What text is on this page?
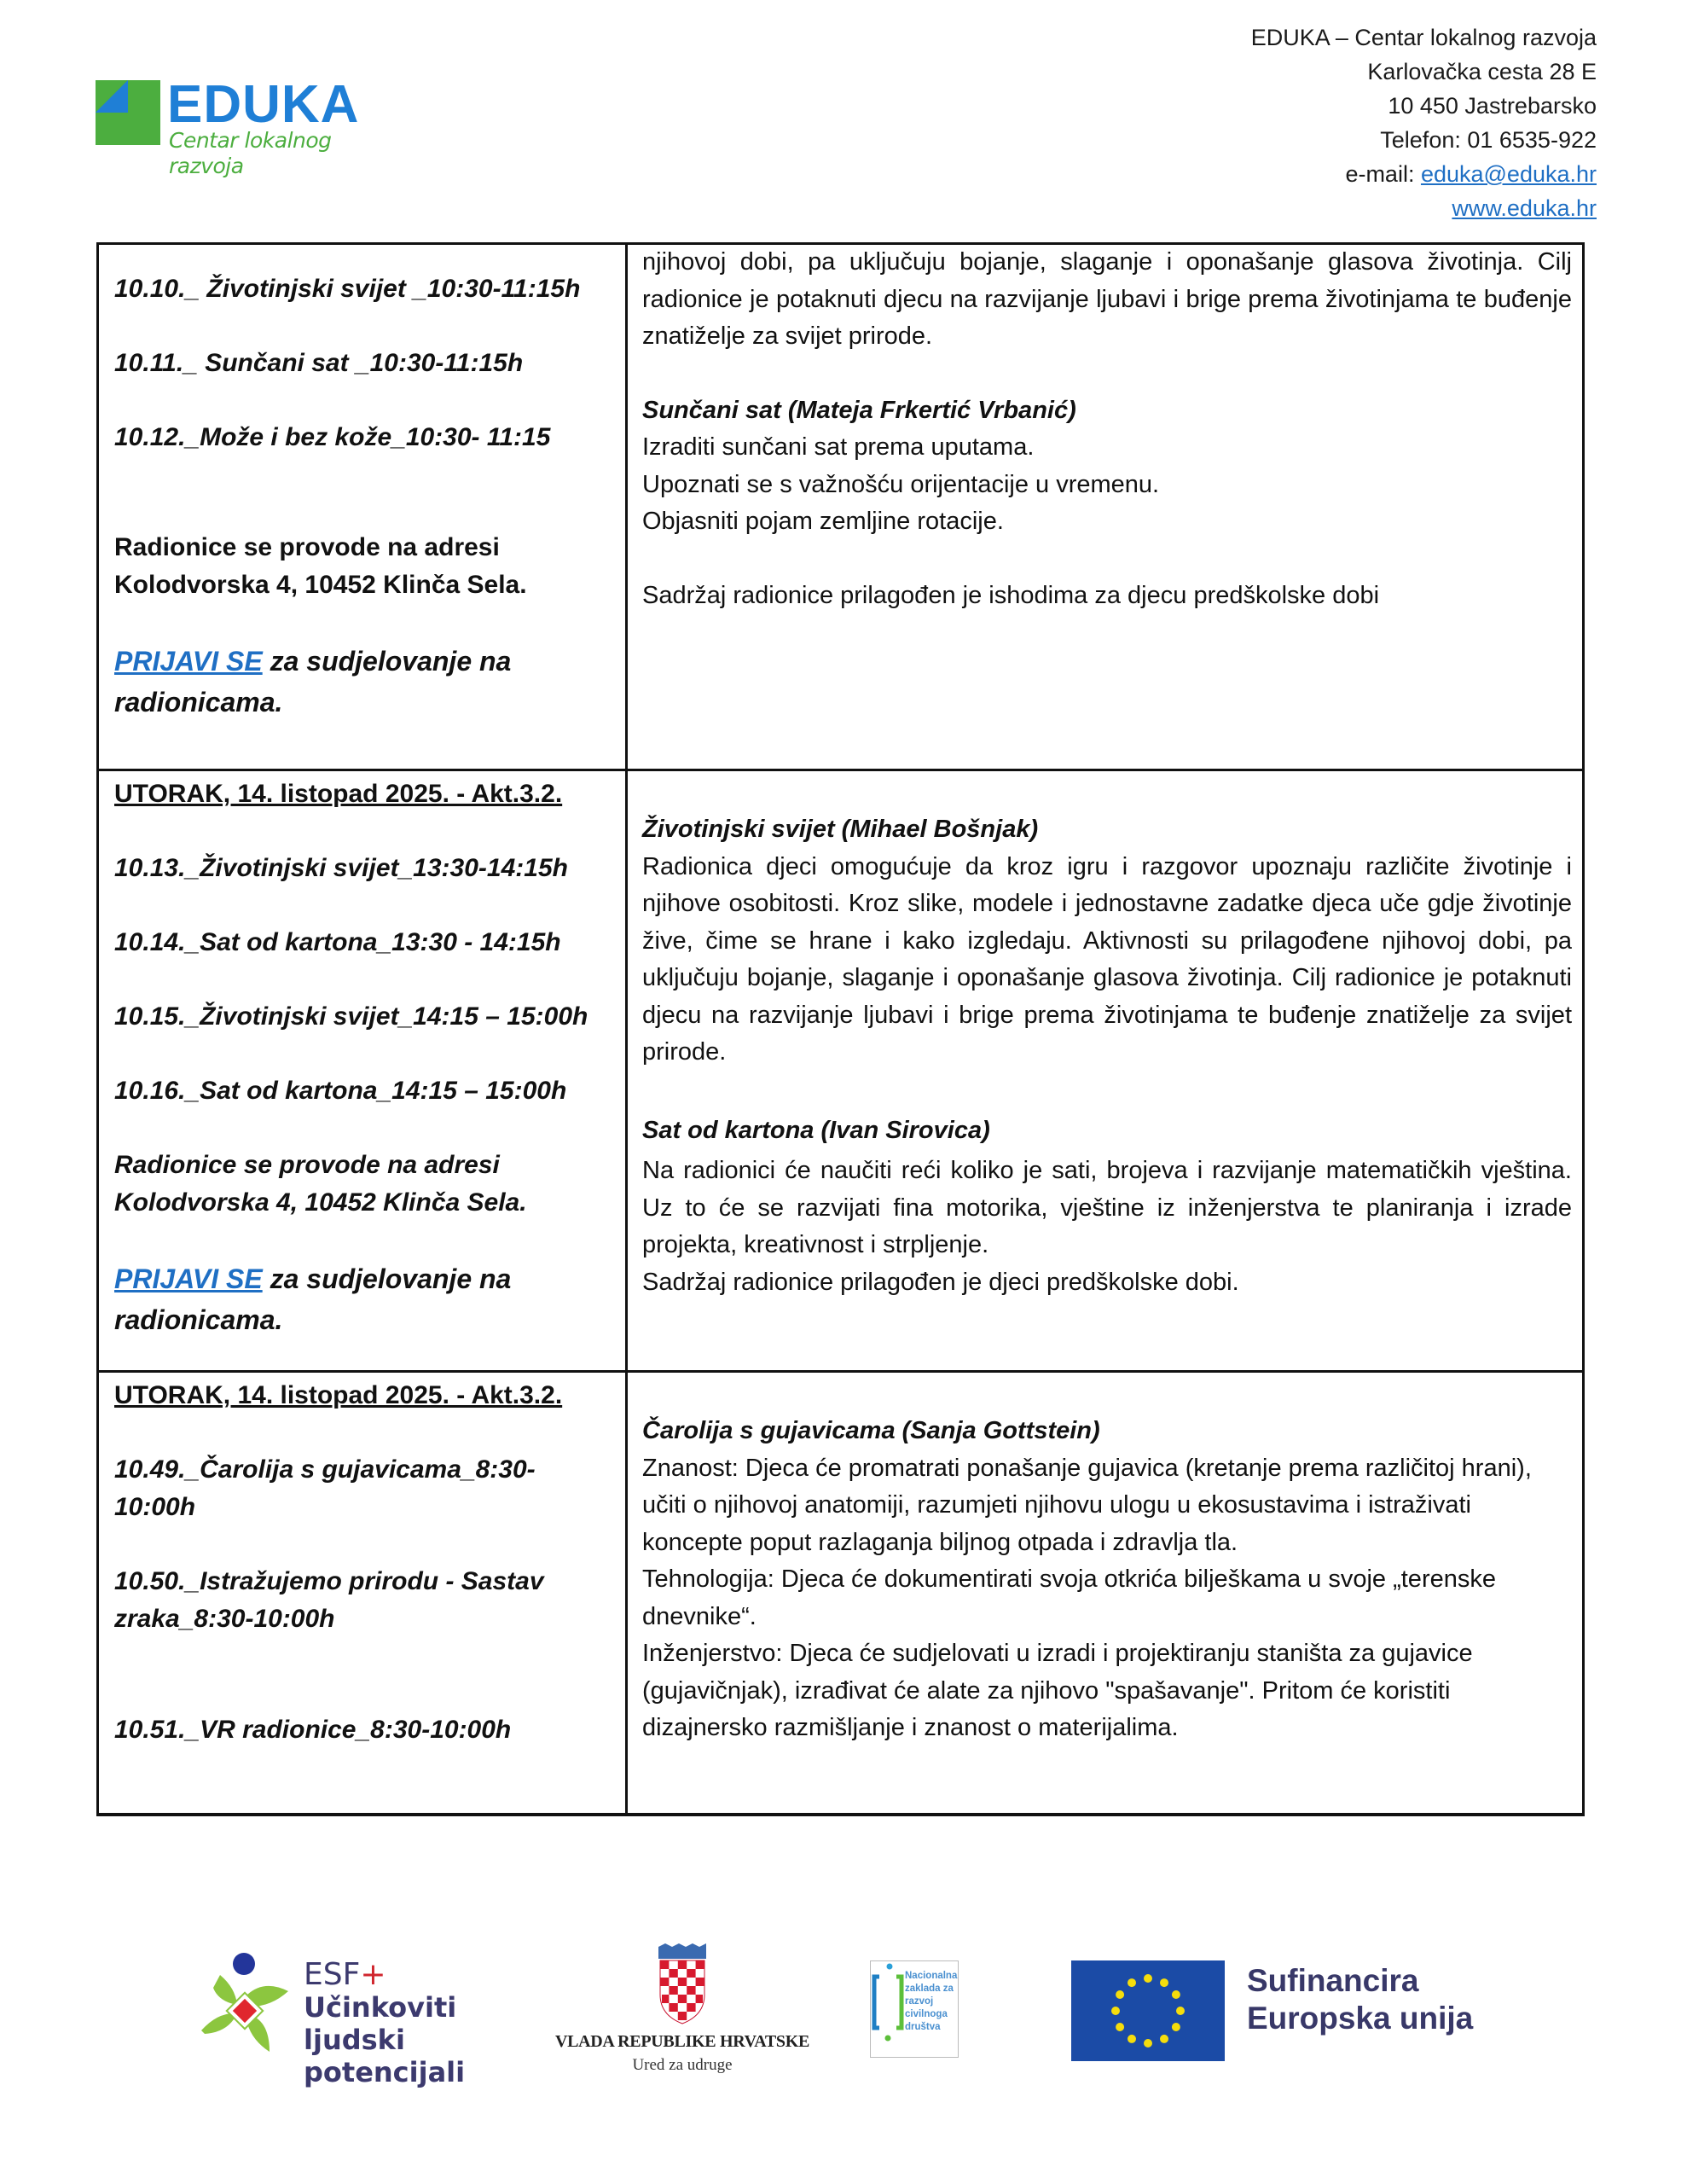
EDUKA
Centar lokalnog razvoja
EDUKA – Centar lokalnog razvoja
Karlovačka cesta 28 E
10 450 Jastrebarsko
Telefon: 01 6535-922
e-mail: eduka@eduka.hr
www.eduka.hr

10.10._ Životinjski svijet _10:30-11:15h

10.11._ Sunčani sat _10:30-11:15h

10.12._Može i bez kože_10:30- 11:15

Radionice se provode na adresi

Kolodvorska 4, 10452 Klinča Sela.

PRIJAVI SE za sudjelovanje na radionicama.

njihovoj dobi, pa uključuju bojanje, slaganje i oponašanje glasova životinja. Cilj radionice je potaknuti djecu na razvijanje ljubavi i brige prema životinjama te buđenje znatiželje za svijet prirode.

Sunčani sat (Mateja Frkertić Vrbanić)

Izraditi sunčani sat prema uputama.

Upoznati se s važnošću orijentacije u vremenu.

Objasniti pojam zemljine rotacije.

Sadržaj radionice prilagođen je ishodima za djecu predškolske dobi

UTORAK, 14. listopad 2025. - Akt.3.2.

10.13._Životinjski svijet_13:30-14:15h

10.14._Sat od kartona_13:30 - 14:15h

10.15._Životinjski svijet_14:15 – 15:00h

10.16._Sat od kartona_14:15 – 15:00h

Radionice se provode na adresi

Kolodvorska 4, 10452 Klinča Sela.

PRIJAVI SE za sudjelovanje na radionicama.

Životinjski svijet (Mihael Bošnjak)

Radionica djeci omogućuje da kroz igru i razgovor upoznaju različite životinje i njihove osobitosti. Kroz slike, modele i jednostavne zadatke djeca uče gdje životinje žive, čime se hrane i kako izgledaju. Aktivnosti su prilagođene njihovoj dobi, pa uključuju bojanje, slaganje i oponašanje glasova životinja. Cilj radionice je potaknuti djecu na razvijanje ljubavi i brige prema životinjama te buđenje znatiželje za svijet prirode.

Sat od kartona (Ivan Sirovica)

Na radionici će naučiti reći koliko je sati, brojeva i razvijanje matematičkih vještina. Uz to će se razvijati fina motorika, vještine iz inženjerstva te planiranja i izrade projekta, kreativnost i strpljenje.

Sadržaj radionice prilagođen je djeci predškolske dobi.

UTORAK, 14. listopad 2025. - Akt.3.2.

10.49._Čarolija s gujavicama_8:30-10:00h

10.50._Istražujemo prirodu - Sastav zraka_8:30-10:00h

10.51._VR radionice_8:30-10:00h

Čarolija s gujavicama (Sanja Gottstein)

Znanost: Djeca će promatrati ponašanje gujavica (kretanje prema različitoj hrani), učiti o njihovoj anatomiji, razumjeti njihovu ulogu u ekosustavima i istraživati koncepte poput razlaganja biljnog otpada i zdravlja tla.

Tehnologija: Djeca će dokumentirati svoja otkrića bilješkama u svoje „terenske dnevnike“.

Inženjerstvo: Djeca će sudjelovati u izradi i projektiranju staništa za gujavice (gujavičnjak), izrađivat će alate za njihovo "spašavanje". Pritom će koristiti dizajnersko razmišljanje i znanost o materijalima.

ESF+
Učinkoviti ljudski
potencijali
VLADA REPUBLIKE HRVATSKE
Ured za udruge
Nacionalna
zaklada za
razvoj
civilnoga
društva
Sufinancira
Europska unija
